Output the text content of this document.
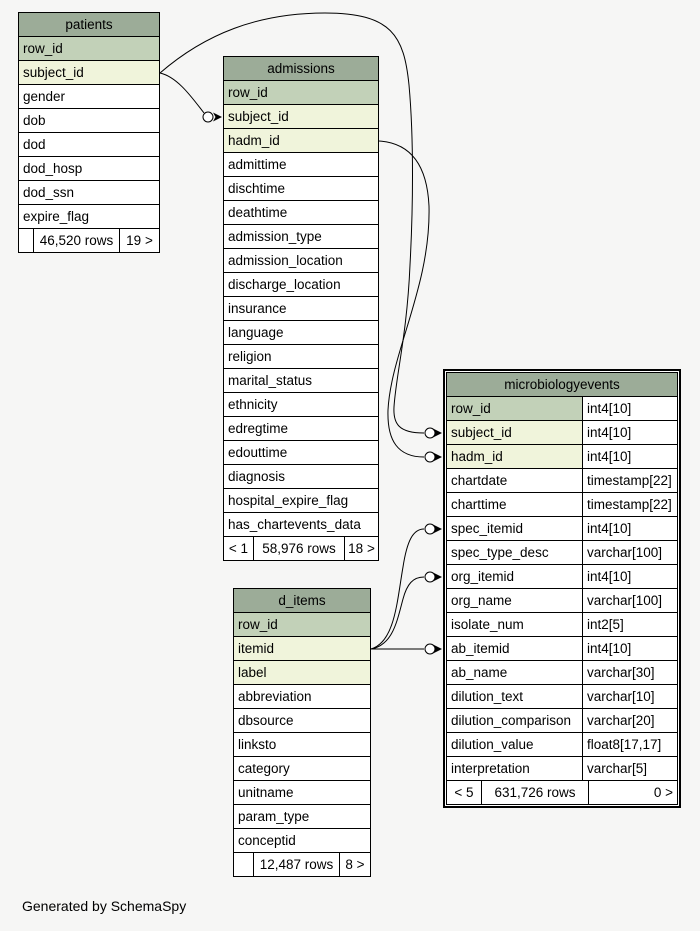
patients
row_id
subject_id
gender
dob
dod
dod_hosp
dod_ssn
expire_flag
46,520 rows 19 >
admissions
row_id
subject_id
hadm_id
admittime
dischtime
deathtime
admission_type
admission_location
discharge_location
insurance
language
religion
marital_status
ethnicity
edregtime
edouttime
diagnosis
hospital_expire_flag
has_chartevents_data
< 1	58,976 rows 18 >
d_items
row_id
itemid
label
abbreviation
dbsource
linksto
category
unitname
param_type
conceptid
12,487 rows 8 >
microbiologyevents
row_id	int4[10]
subject_id	int4[10]
hadm_id	int4[10]
chartdate	timestamp[22]
charttime	timestamp[22]
spec_itemid	int4[10]
spec_type_desc	varchar[100]
org_itemid	int4[10]
org_name	varchar[100]
isolate_num	int2[5]
ab_itemid	int4[10]
ab_name	varchar[30]
dilution_text	varchar[10]
dilution_comparison	varchar[20]
dilution_value	float8[17,17]
interpretation	varchar[5]
< 5	631,726 rows	0 >
Generated by SchemaSpy
